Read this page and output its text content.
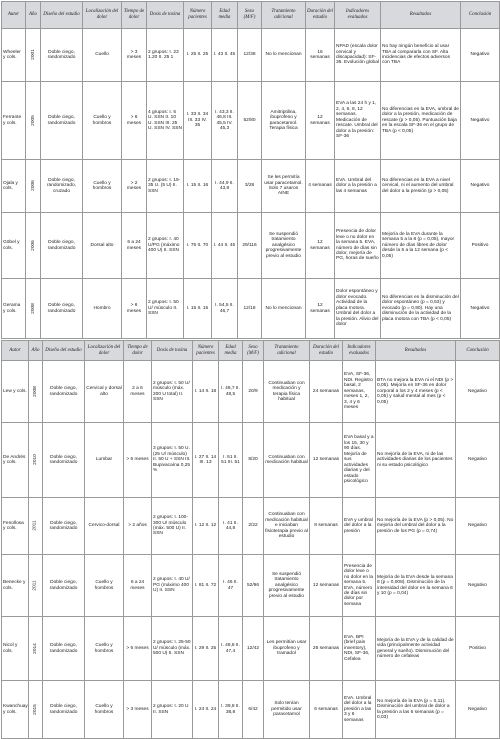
Autor	Año	Diseño del estudio	Localización del dolor	Tiempo de dolor	Dosis de toxina	Número pacientes	Edad media	Sexo (M/F)	Tratamiento adicional	Duración del estudio	Indicadores evaluados	Resultados	Conclusión
Wheeler y cols.	2001	Doble ciego, randomizado	Cuello	> 3 meses	2 grupos: I. 23 1.20 II. 25 1	I. 25 II. 25	I. 43 II. 45	12/38	No lo mencionan	16 semanas	NPAD (escala dolor cervical y discapacidad): SF-36. Evolución global	No hay ningún beneficio al usar TBA al compararla con SF. Alta incidencias de efectos adversos con TBA	Negativo
Ferrante y cols.	2005	Doble ciego, randomizado	Cuello y hombros	> 6 meses	4 grupos: I. 6 U. SSN II. 10 U. SSN III. 25 U. SSN IV. SSN	I. 33 II. 34 III. 33 IV. 35	I. 43,3 II. 46,8 III. 45,5 IV. 45,3	52/80	Amitriptilina, ibuprofeno y paracetamol. Terapia física	12 semanas	EVA a las 24 h y 1, 2, 4, 6, 8, 12 semanas. Medicación de rescate. Umbral del dolor a la presión: SF-36	No diferencias en la EVA, umbral de dolor a la presión, medicación de rescate (p > 0,05). Puntuación baja en la escala SF-36 en el grupo de TBA (p < 0,05)	Negativo
Ojala y cols.	2006	Doble ciego, randomizado, cruzado	Cuello y hombros	> 2 meses	2 grupos: I. 15-35 U. (5 U) II. SSN	I. 15 II. 16	I. 44,9 II. 43,8	3/28	Se les permitía usar paracetamol. Solo 7 usaron AINE	4 semanas	EVA. Umbral del dolor a la presión a las 4 semanas	No diferencias en la EVA a nivel cervical, ni el aumento del umbral del dolor a la presión (p > 0,05)	Negativo
Göbel y cols.	2006	Doble ciego, randomizado	Dorsal alto	6 a 24 meses	2 grupos: I. 40 U/PG (máximo 400 U) II. SSN	I. 75 II. 70	I. 44 II. 45	29/116	Se suspendió tratamiento analgésico progresivamente previo al estudio	12 semanas	Presencia de dolor leve o no dolor en la semana 5. EVA, número de días sin dolor, mejoría de PG, horas de sueño	Mejoría de la EVA durante la semana 5 a la 8 (p = 0,05), mayor número de días libres de dolor desde la 5 a la 12 semana (p < 0,05)	Positivo
Gerama y cols.	2008	Doble ciego, randomizado	Hombro	> 6 meses	2 grupos: I. 50 U/ músculo II. SSN	I. 15 II. 15	I. 54,5 II. 46,7	12/18	No lo mencionan	12 semanas	Dolor espontáneo y dolor evocado. Actividad de la placa motora. Umbral del dolor a la presión. Alivio del dolor	No diferencias en la disminución del dolor espontáneo (p = 0,53) y evocado (p = 0,90). Hay una disminución de la actividad de la placa motora con TBA (p < 0,05)	Negativo
Autor	Año	Diseño del estudio	Localización del dolor	Tiempo de dolor	Dosis de toxina	Número pacientes	Edad media	Sexo (M/F)	Tratamiento adicional	Duración del estudio	Indicadores evaluados	Resultados	Conclusión
Lew y cols.	2008	Doble ciego, randomizado	Cervical y dorsal alto	2 a 6 meses	2 grupos: I. 50 U/ músculo (máx. 200 U total) II. SSN	I. 14 II. 18	I. 48,7 II. 48,5	20/9	Continuaban con medicación y terapia física habitual	24 semanas	EVA, SF-36, NDI. Registro basal, 2 semanas, meses 1, 2, 3, 4 y 6 meses	BTA no mejora la EVA ni el NDI (p > 0,05). Mejoría en SF-36 en dolor corporal a los 2 y 4 meses (p < 0,05) y salud mental al mes (p < 0,05)	Negativo
De Andrés y cols.	2010	Doble ciego, randomizado	Lumbar	> 6 meses	3 grupos: I. 50 U. (25 U/ músculo) II. 50 U + SSN III. Bupivacaína 0,25 %	I. 27 II. 14 III. 13	I. 51 II. 51 III. 51	8/20	Continuaban con medicación habitual	12 semanas	EVA basal y a los 15, 30 y 90 días. Mejoría de sus actividades diarias y del estado psicológico	No mejoría de la EVA, ni de las actividades diarias de los pacientes ni su estado psicológico	Negativo
Fenollosa y cols.	2011	Doble ciego, randomizado	Cervico-dorsal	> 2 años	2 grupos: I. 100-300 U/ músculo (máx. 500 U) II. SSN	I. 12 II. 12	I. 41 II. 44,8	2/22	Continuaban con medicación habitual e iniciaban fisioterapia previo al estudio	8 semanas	EVA y umbral del dolor a la presión	No mejoría de la EVA (p > 0,05). No mejoría del umbral del dolor a la presión de los PG (p = 0,74)	Negativo
Benecke y cols.	2011	Doble ciego, randomizado	Cuello y hombros	6 a 24 meses	2 grupos: I. 40 U/ PG (máximo 400 U) II. SSN	I. 81 II. 72	I. 46 II. 47	52/96	Se suspendió tratamiento analgésico progresivamente previo al estudio	12 semanas	Presencia de dolor leve o no dolor en la semana 5. EVA, número de días sin dolor por semana	Mejoría de la EVA desde la semana 8 (p = 0,008). Disminución de la intensidad del dolor en la semana 6 y 10 (p = 0,04)	Negativo
Nicol y cols.	2014	Doble ciego, randomizado	Cuello y hombros	> 6 meses	2 grupos: I. 25-50 U/ músculo (máx. 500 U) II. SSN	I. 29 II. 25	I. 48,8 II. 47,4	12/42	Les permitían usar ibuprofeno y tramadol	26 semanas	EVA, BPI (brief pain inventory), NDI, SF-36, Cefalea	Mejoría de la EVA y de la calidad de vida (principalmente actividad general y sueño). Disminución del número de cefaleas	Positivo
Kwanchuay y cols.	2015	Doble ciego, randomizado	Cuello y hombros	> 3 meses	2 grupos: I. 20 U II. SSN	I. 24 II. 24	I. 39,8 II. 38,8	6/42	Solo tenían permitido usar paracetamol	6 semanas	EVA. Umbral del dolor a la presión a las 3 y 6 semanas	No mejoría de la EVA (p = 0,11). Disminución del umbral de dolor a la presión a las 6 semanas (p = 0,03)	Negativo
